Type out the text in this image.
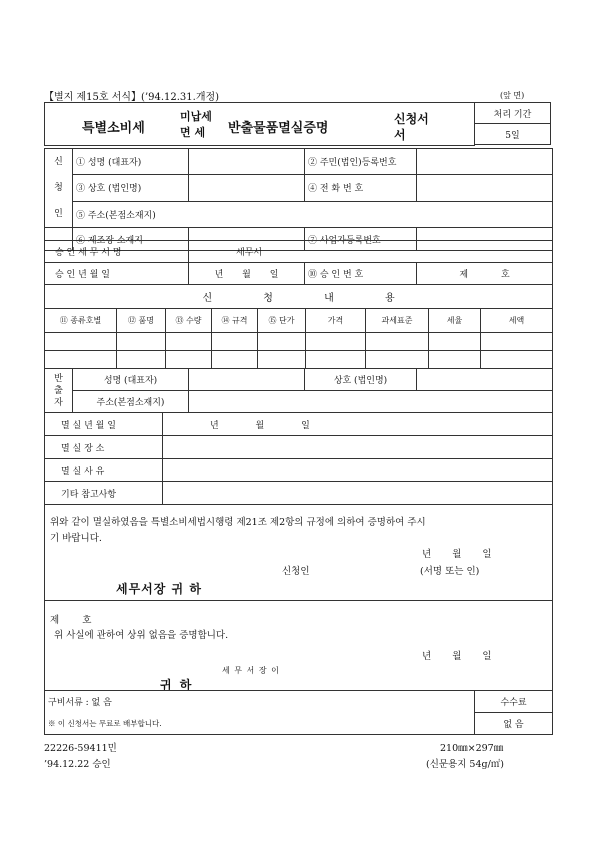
【별지 제15호 서식】(’94.12.31.개정)	(앞 면)
특별소비세
미납세
면 세 반출물품멸실증명
신청서
서
처리 기간
5일
신
청
인	① 성명 (대표자)		② 주민(법인)등록번호	
	③ 상호 (법인명)		④ 전 화 번 호	
	⑤ 주소(본점소재지)			
	⑥ 제조장 소재지		⑦ 사업자등록번호	
승 인 세 무 서 명	세무서		
승 인 년 월 일	년 월 일	⑩ 승 인 번 호	제 호
신 청 내 용								
⑪ 종류호별	⑫ 품명	⑬ 수량	⑭ 규격	⑮ 단가	가격	과세표준	세율	세액

반
출
자	성명 (대표자)		상호 (법인명)	
	주소(본점소재지)			
멸 실 년 월 일	년 월 일
멸 실 장 소	
멸 실 사 유	
기타 참고사항	
위와 같이 멸실하였음을 특별소비세법시행령 제21조 제2항의 규정에 의하여 증명하여 주시
기 바랍니다.
년 월 일
신청인	(서명 또는 인)
세무서장 귀 하
제 호
위 사실에 관하여 상위 없음을 증명합니다.
년 월 일
세 무 서 장 이
귀 하
구비서류 : 없 음	수수료
※ 이 신청서는 무료로 배부합니다.	없 음
22226-59411민
’94.12.22 승인
210㎜×297㎜
(신문용지 54g/㎡)
